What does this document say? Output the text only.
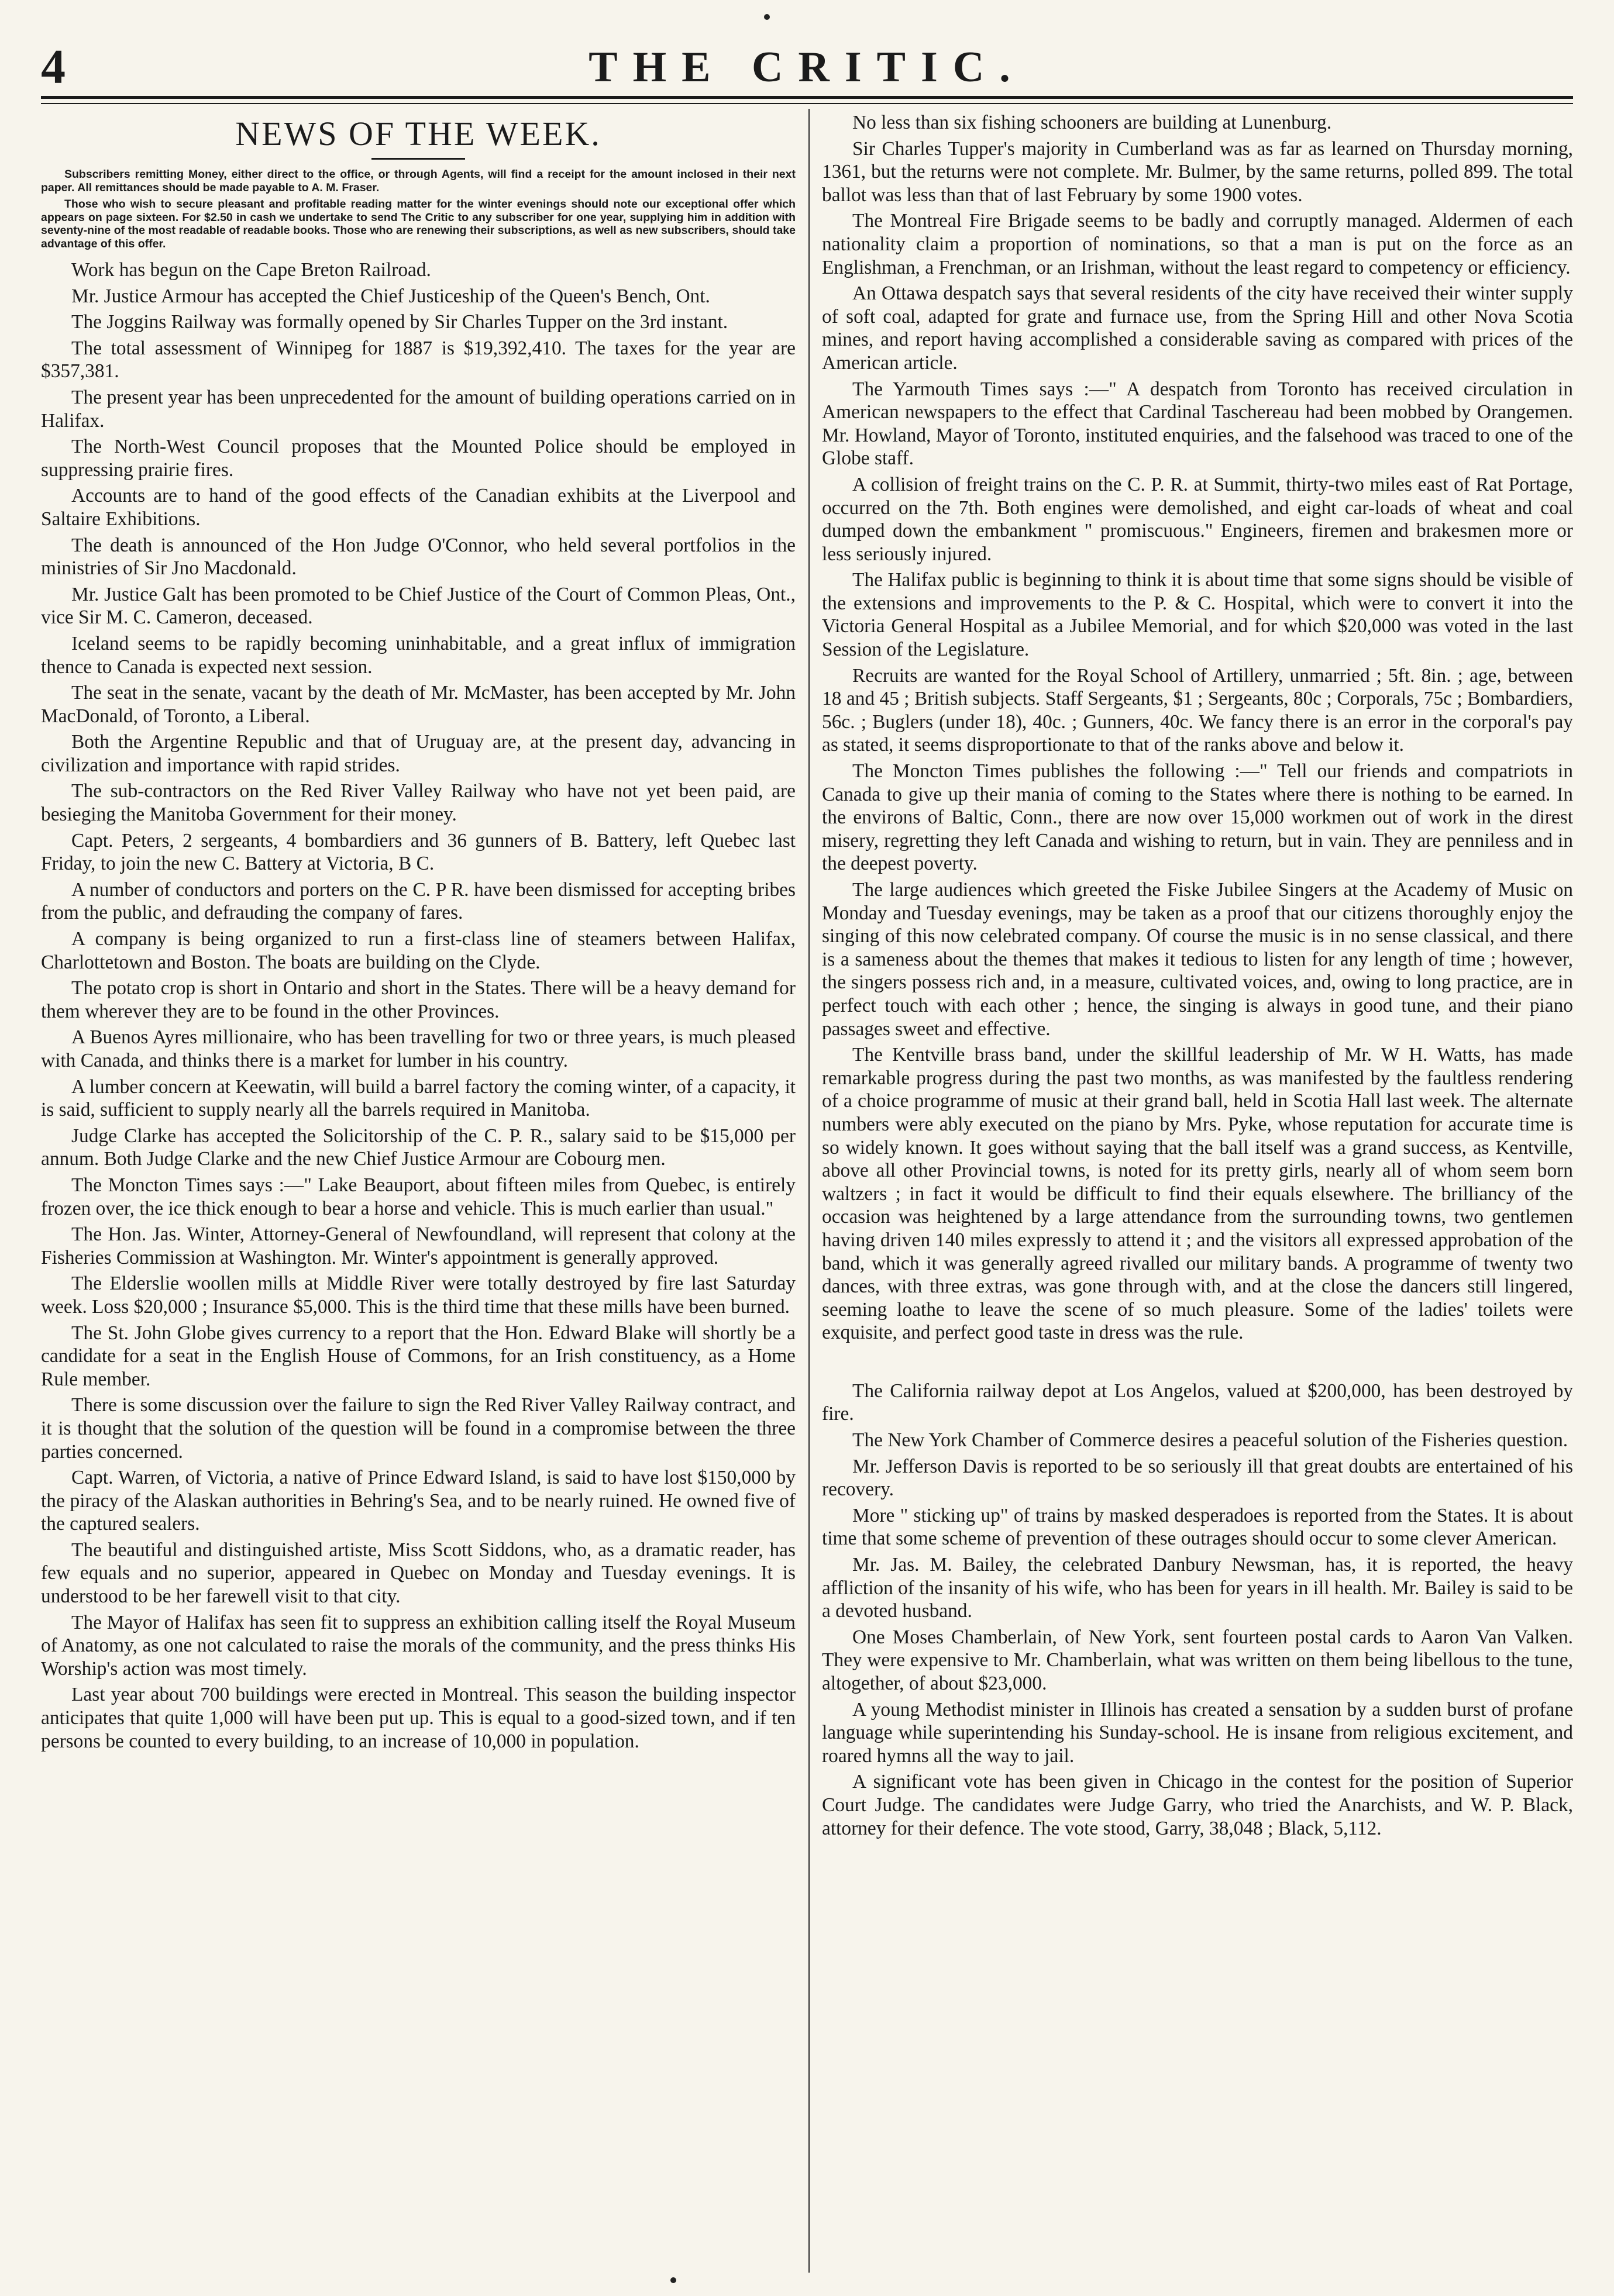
4	THE CRITIC.
NEWS OF THE WEEK.

Subscribers remitting Money, either direct to the office, or through Agents, will find a receipt for the amount inclosed in their next paper. All remittances should be made payable to A. M. Fraser.

Those who wish to secure pleasant and profitable reading matter for the winter evenings should note our exceptional offer which appears on page sixteen. For $2.50 in cash we undertake to send The Critic to any subscriber for one year, supplying him in addition with seventy-nine of the most readable of readable books. Those who are renewing their subscriptions, as well as new subscribers, should take advantage of this offer.

Work has begun on the Cape Breton Railroad.

Mr. Justice Armour has accepted the Chief Justiceship of the Queen's Bench, Ont.

The Joggins Railway was formally opened by Sir Charles Tupper on the 3rd instant.

The total assessment of Winnipeg for 1887 is $19,392,410. The taxes for the year are $357,381.

The present year has been unprecedented for the amount of building operations carried on in Halifax.

The North-West Council proposes that the Mounted Police should be employed in suppressing prairie fires.

Accounts are to hand of the good effects of the Canadian exhibits at the Liverpool and Saltaire Exhibitions.

The death is announced of the Hon Judge O'Connor, who held several portfolios in the ministries of Sir Jno Macdonald.

Mr. Justice Galt has been promoted to be Chief Justice of the Court of Common Pleas, Ont., vice Sir M. C. Cameron, deceased.

Iceland seems to be rapidly becoming uninhabitable, and a great influx of immigration thence to Canada is expected next session.

The seat in the senate, vacant by the death of Mr. McMaster, has been accepted by Mr. John MacDonald, of Toronto, a Liberal.

Both the Argentine Republic and that of Uruguay are, at the present day, advancing in civilization and importance with rapid strides.

The sub-contractors on the Red River Valley Railway who have not yet been paid, are besieging the Manitoba Government for their money.

Capt. Peters, 2 sergeants, 4 bombardiers and 36 gunners of B. Battery, left Quebec last Friday, to join the new C. Battery at Victoria, B C.

A number of conductors and porters on the C. P R. have been dismissed for accepting bribes from the public, and defrauding the company of fares.

A company is being organized to run a first-class line of steamers between Halifax, Charlottetown and Boston. The boats are building on the Clyde.

The potato crop is short in Ontario and short in the States. There will be a heavy demand for them wherever they are to be found in the other Provinces.

A Buenos Ayres millionaire, who has been travelling for two or three years, is much pleased with Canada, and thinks there is a market for lumber in his country.

A lumber concern at Keewatin, will build a barrel factory the coming winter, of a capacity, it is said, sufficient to supply nearly all the barrels required in Manitoba.

Judge Clarke has accepted the Solicitorship of the C. P. R., salary said to be $15,000 per annum. Both Judge Clarke and the new Chief Justice Armour are Cobourg men.

The Moncton Times says :—" Lake Beauport, about fifteen miles from Quebec, is entirely frozen over, the ice thick enough to bear a horse and vehicle. This is much earlier than usual."

The Hon. Jas. Winter, Attorney-General of Newfoundland, will represent that colony at the Fisheries Commission at Washington. Mr. Winter's appointment is generally approved.

The Elderslie woollen mills at Middle River were totally destroyed by fire last Saturday week. Loss $20,000 ; Insurance $5,000. This is the third time that these mills have been burned.

The St. John Globe gives currency to a report that the Hon. Edward Blake will shortly be a candidate for a seat in the English House of Commons, for an Irish constituency, as a Home Rule member.

There is some discussion over the failure to sign the Red River Valley Railway contract, and it is thought that the solution of the question will be found in a compromise between the three parties concerned.

Capt. Warren, of Victoria, a native of Prince Edward Island, is said to have lost $150,000 by the piracy of the Alaskan authorities in Behring's Sea, and to be nearly ruined. He owned five of the captured sealers.

The beautiful and distinguished artiste, Miss Scott Siddons, who, as a dramatic reader, has few equals and no superior, appeared in Quebec on Monday and Tuesday evenings. It is understood to be her farewell visit to that city.

The Mayor of Halifax has seen fit to suppress an exhibition calling itself the Royal Museum of Anatomy, as one not calculated to raise the morals of the community, and the press thinks His Worship's action was most timely.

Last year about 700 buildings were erected in Montreal. This season the building inspector anticipates that quite 1,000 will have been put up. This is equal to a good-sized town, and if ten persons be counted to every building, to an increase of 10,000 in population.

No less than six fishing schooners are building at Lunenburg.

Sir Charles Tupper's majority in Cumberland was as far as learned on Thursday morning, 1361, but the returns were not complete. Mr. Bulmer, by the same returns, polled 899. The total ballot was less than that of last February by some 1900 votes.

The Montreal Fire Brigade seems to be badly and corruptly managed. Aldermen of each nationality claim a proportion of nominations, so that a man is put on the force as an Englishman, a Frenchman, or an Irishman, without the least regard to competency or efficiency.

An Ottawa despatch says that several residents of the city have received their winter supply of soft coal, adapted for grate and furnace use, from the Spring Hill and other Nova Scotia mines, and report having accomplished a considerable saving as compared with prices of the American article.

The Yarmouth Times says :—" A despatch from Toronto has received circulation in American newspapers to the effect that Cardinal Taschereau had been mobbed by Orangemen. Mr. Howland, Mayor of Toronto, instituted enquiries, and the falsehood was traced to one of the Globe staff.

A collision of freight trains on the C. P. R. at Summit, thirty-two miles east of Rat Portage, occurred on the 7th. Both engines were demolished, and eight car-loads of wheat and coal dumped down the embankment " promiscuous." Engineers, firemen and brakesmen more or less seriously injured.

The Halifax public is beginning to think it is about time that some signs should be visible of the extensions and improvements to the P. & C. Hospital, which were to convert it into the Victoria General Hospital as a Jubilee Memorial, and for which $20,000 was voted in the last Session of the Legislature.

Recruits are wanted for the Royal School of Artillery, unmarried ; 5ft. 8in. ; age, between 18 and 45 ; British subjects. Staff Sergeants, $1 ; Sergeants, 80c ; Corporals, 75c ; Bombardiers, 56c. ; Buglers (under 18), 40c. ; Gunners, 40c. We fancy there is an error in the corporal's pay as stated, it seems disproportionate to that of the ranks above and below it.

The Moncton Times publishes the following :—" Tell our friends and compatriots in Canada to give up their mania of coming to the States where there is nothing to be earned. In the environs of Baltic, Conn., there are now over 15,000 workmen out of work in the direst misery, regretting they left Canada and wishing to return, but in vain. They are penniless and in the deepest poverty.

The large audiences which greeted the Fiske Jubilee Singers at the Academy of Music on Monday and Tuesday evenings, may be taken as a proof that our citizens thoroughly enjoy the singing of this now celebrated company. Of course the music is in no sense classical, and there is a sameness about the themes that makes it tedious to listen for any length of time ; however, the singers possess rich and, in a measure, cultivated voices, and, owing to long practice, are in perfect touch with each other ; hence, the singing is always in good tune, and their piano passages sweet and effective.

The Kentville brass band, under the skillful leadership of Mr. W H. Watts, has made remarkable progress during the past two months, as was manifested by the faultless rendering of a choice programme of music at their grand ball, held in Scotia Hall last week. The alternate numbers were ably executed on the piano by Mrs. Pyke, whose reputation for accurate time is so widely known. It goes without saying that the ball itself was a grand success, as Kentville, above all other Provincial towns, is noted for its pretty girls, nearly all of whom seem born waltzers ; in fact it would be difficult to find their equals elsewhere. The brilliancy of the occasion was heightened by a large attendance from the surrounding towns, two gentlemen having driven 140 miles expressly to attend it ; and the visitors all expressed approbation of the band, which it was generally agreed rivalled our military bands. A programme of twenty two dances, with three extras, was gone through with, and at the close the dancers still lingered, seeming loathe to leave the scene of so much pleasure. Some of the ladies' toilets were exquisite, and perfect good taste in dress was the rule.

The California railway depot at Los Angelos, valued at $200,000, has been destroyed by fire.

The New York Chamber of Commerce desires a peaceful solution of the Fisheries question.

Mr. Jefferson Davis is reported to be so seriously ill that great doubts are entertained of his recovery.

More " sticking up" of trains by masked desperadoes is reported from the States. It is about time that some scheme of prevention of these outrages should occur to some clever American.

Mr. Jas. M. Bailey, the celebrated Danbury Newsman, has, it is reported, the heavy affliction of the insanity of his wife, who has been for years in ill health. Mr. Bailey is said to be a devoted husband.

One Moses Chamberlain, of New York, sent fourteen postal cards to Aaron Van Valken. They were expensive to Mr. Chamberlain, what was written on them being libellous to the tune, altogether, of about $23,000.

A young Methodist minister in Illinois has created a sensation by a sudden burst of profane language while superintending his Sunday-school. He is insane from religious excitement, and roared hymns all the way to jail.

A significant vote has been given in Chicago in the contest for the position of Superior Court Judge. The candidates were Judge Garry, who tried the Anarchists, and W. P. Black, attorney for their defence. The vote stood, Garry, 38,048 ; Black, 5,112.
